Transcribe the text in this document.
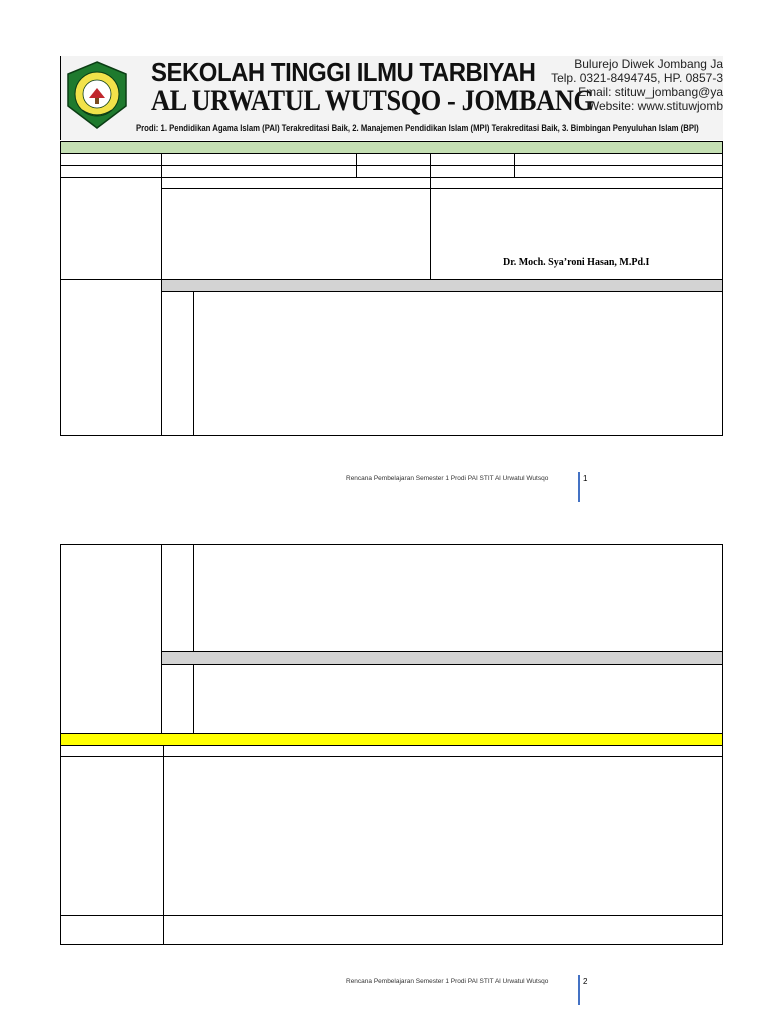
SEKOLAH TINGGI ILMU TARBIYAH
AL URWATUL WUTSQO - JOMBANG
Bulurejo Diwek Jombang Ja
Telp. 0321-8494745, HP. 0857-3
Email: stituw_jombang@ya
Website: www.stituwjomb
Prodi: 1. Pendidikan Agama Islam (PAI) Terakreditasi Baik, 2. Manajemen Pendidikan Islam (MPI) Terakreditasi Baik, 3. Bimbingan Penyuluhan Islam (BPI)
Dr. Moch. Sya’roni Hasan, M.Pd.I
Rencana Pembelajaran Semester 1 Prodi PAI STIT Al Urwatul Wutsqo	1
Rencana Pembelajaran Semester 1 Prodi PAI STIT Al Urwatul Wutsqo	2
